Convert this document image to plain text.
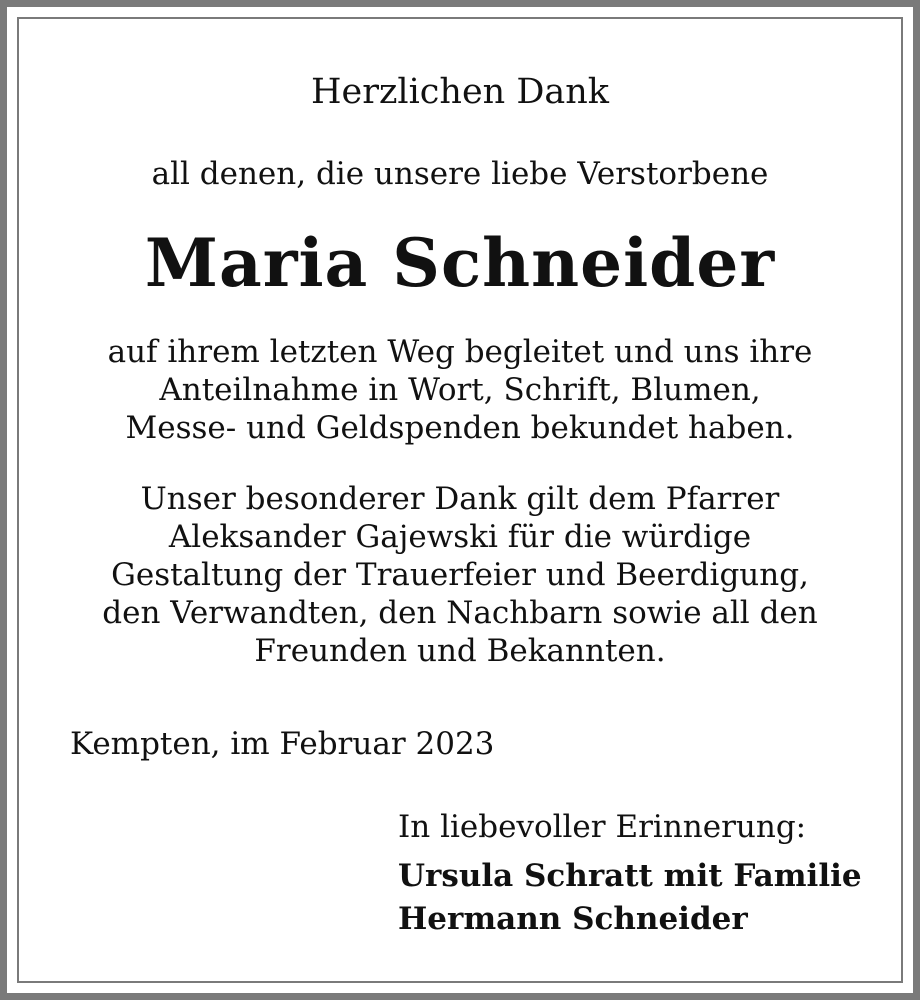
Herzlichen Dank
all denen, die unsere liebe Verstorbene
Maria Schneider
auf ihrem letzten Weg begleitet und uns ihre
Anteilnahme in Wort, Schrift, Blumen,
Messe- und Geldspenden bekundet haben.
Unser besonderer Dank gilt dem Pfarrer
Aleksander Gajewski für die würdige
Gestaltung der Trauerfeier und Beerdigung,
den Verwandten, den Nachbarn sowie all den
Freunden und Bekannten.
Kempten, im Februar 2023
In liebevoller Erinnerung:
Ursula Schratt mit Familie
Hermann Schneider
